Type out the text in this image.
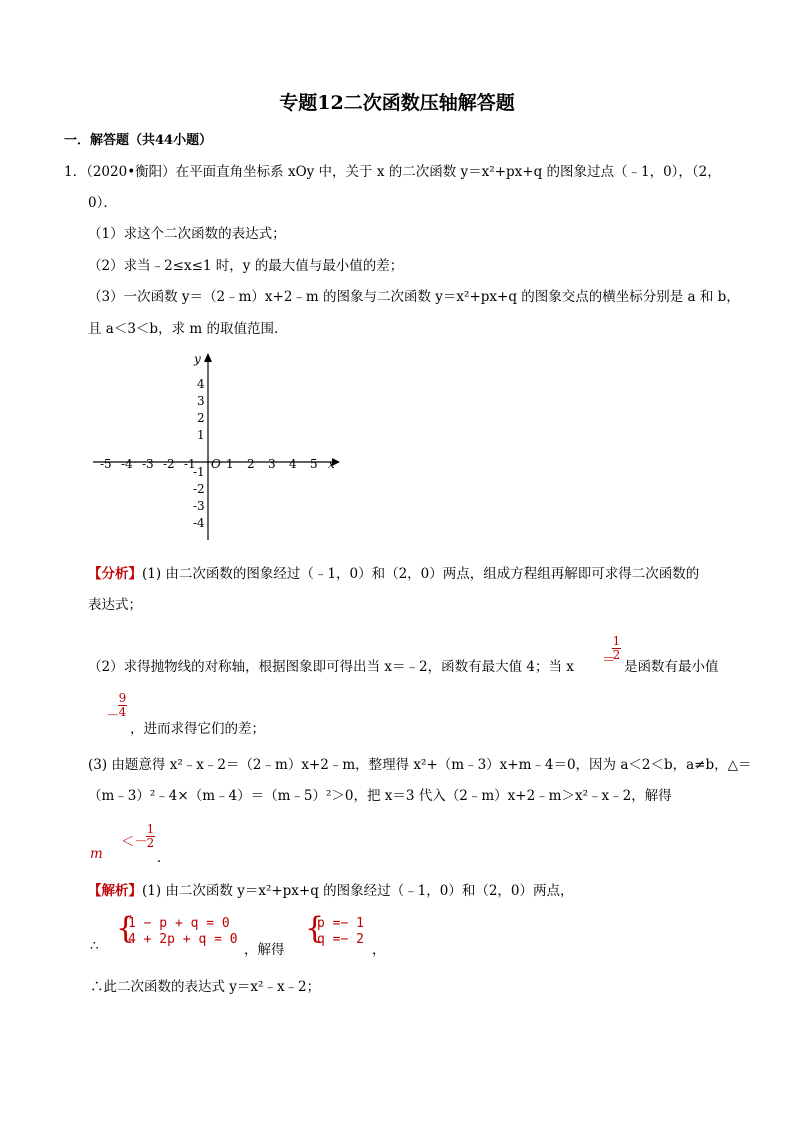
专题12二次函数压轴解答题
一．解答题（共44小题）
1．（2020•衡阳）在平面直角坐标系 xOy 中，关于 x 的二次函数 y＝x²+px+q 的图象过点（﹣1，0），（2，
0）．
（1）求这个二次函数的表达式；
（2）求当﹣2≤x≤1 时，y 的最大值与最小值的差；
（3）一次函数 y＝（2﹣m）x+2﹣m 的图象与二次函数 y＝x²+px+q 的图象交点的横坐标分别是 a 和 b，
且 a＜3＜b，求 m 的取值范围．
x
y
O
-5 -4 -3 -2 -1	1 2 3 4 5
4
3
2
1
-1
-2
-3
-4
【分析】(1) 由二次函数的图象经过（﹣1，0）和（2，0）两点，组成方程组再解即可求得二次函数的
表达式；
（2）求得抛物线的对称轴，根据图象即可得出当 x＝﹣2，函数有最大值 4；当 x ＝
1
2
是函数有最小值
－
9
4
，进而求得它们的差；
(3) 由题意得 x²﹣x﹣2＝（2﹣m）x+2﹣m，整理得 x²+（m﹣3）x+m﹣4＝0，因为 a＜2＜b，a≠b，△＝
（m﹣3）²﹣4×（m﹣4）＝（m﹣5）²＞0，把 x＝3 代入（2﹣m）x+2﹣m＞x²﹣x﹣2，解得
m
＜－
1
2
．
【解析】(1) 由二次函数 y＝x²+px+q 的图象经过（﹣1，0）和（2，0）两点，
∴ {
1 − p + q = 0
4 + 2p + q = 0
，解得
{
p =− 1
q =− 2
，
∴此二次函数的表达式 y＝x²﹣x﹣2；
